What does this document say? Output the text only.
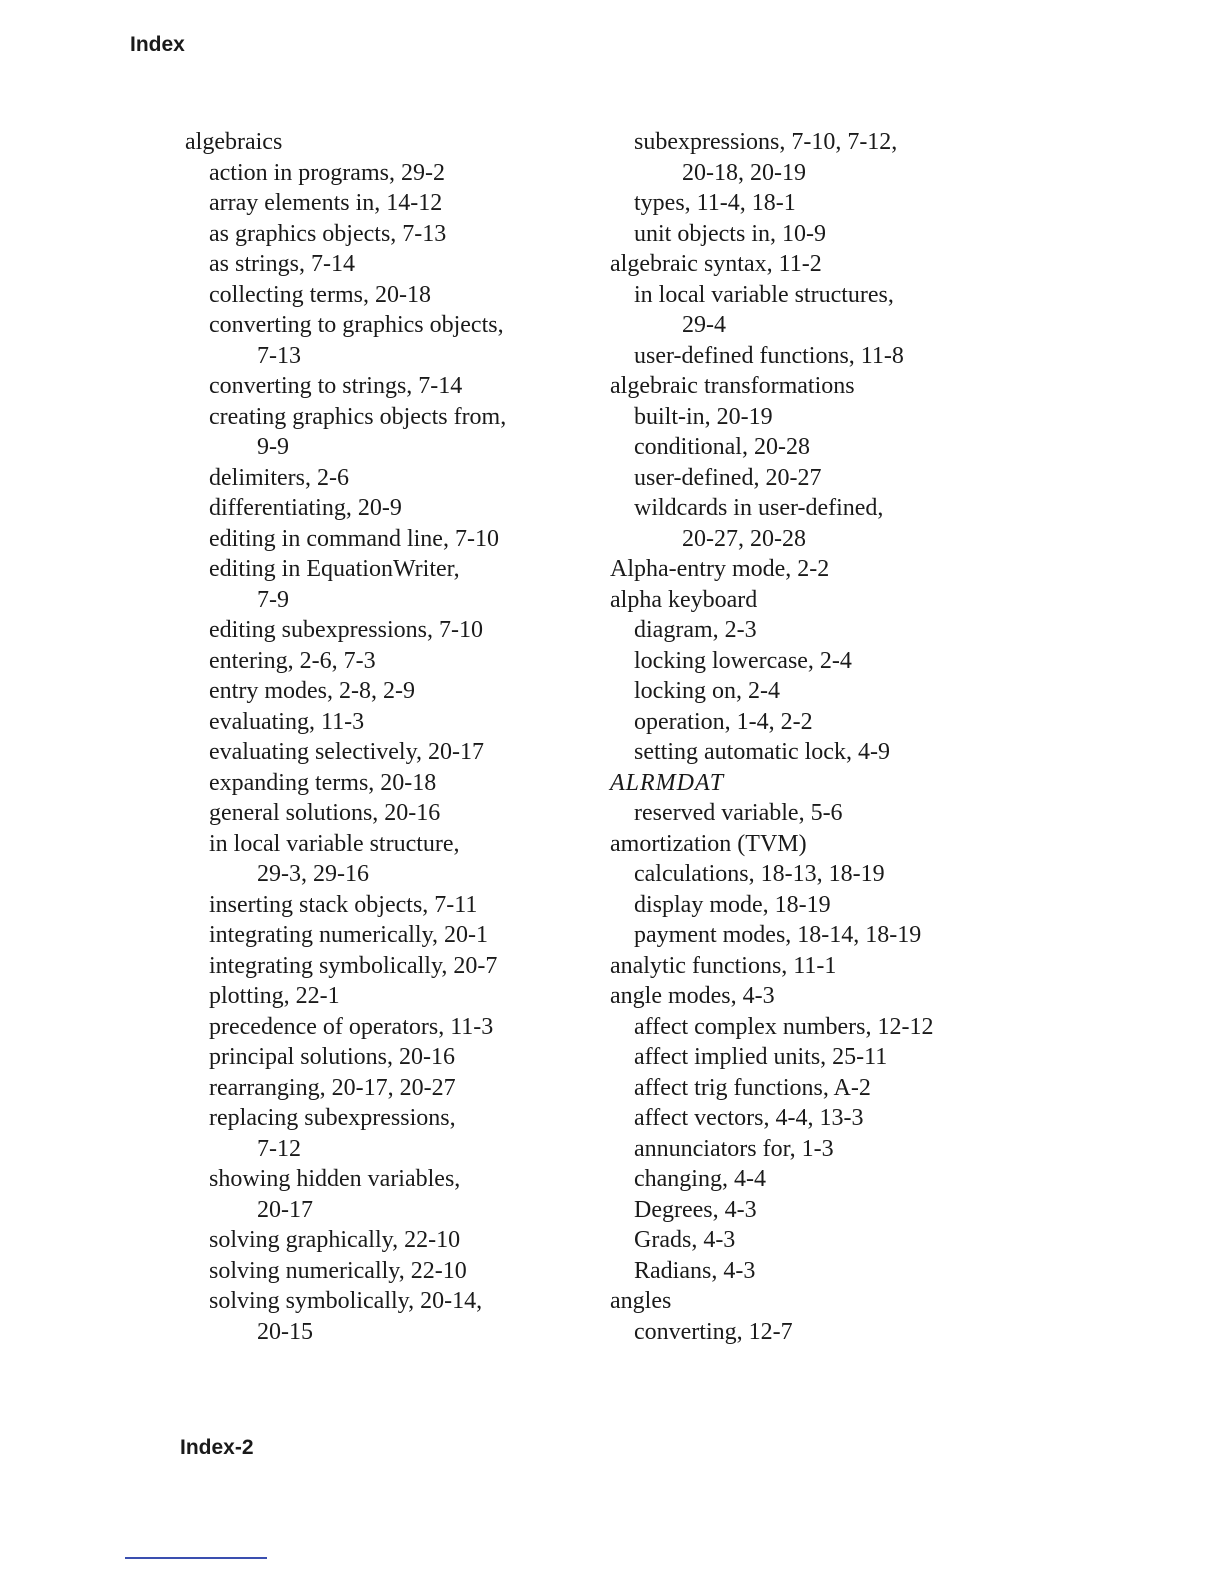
Index
algebraics
action in programs, 29-2
array elements in, 14-12
as graphics objects, 7-13
as strings, 7-14
collecting terms, 20-18
converting to graphics objects,
7-13
converting to strings, 7-14
creating graphics objects from,
9-9
delimiters, 2-6
differentiating, 20-9
editing in command line, 7-10
editing in EquationWriter,
7-9
editing subexpressions, 7-10
entering, 2-6, 7-3
entry modes, 2-8, 2-9
evaluating, 11-3
evaluating selectively, 20-17
expanding terms, 20-18
general solutions, 20-16
in local variable structure,
29-3, 29-16
inserting stack objects, 7-11
integrating numerically, 20-1
integrating symbolically, 20-7
plotting, 22-1
precedence of operators, 11-3
principal solutions, 20-16
rearranging, 20-17, 20-27
replacing subexpressions,
7-12
showing hidden variables,
20-17
solving graphically, 22-10
solving numerically, 22-10
solving symbolically, 20-14,
20-15
subexpressions, 7-10, 7-12,
20-18, 20-19
types, 11-4, 18-1
unit objects in, 10-9
algebraic syntax, 11-2
in local variable structures,
29-4
user-defined functions, 11-8
algebraic transformations
built-in, 20-19
conditional, 20-28
user-defined, 20-27
wildcards in user-defined,
20-27, 20-28
Alpha-entry mode, 2-2
alpha keyboard
diagram, 2-3
locking lowercase, 2-4
locking on, 2-4
operation, 1-4, 2-2
setting automatic lock, 4-9
ALRMDAT
reserved variable, 5-6
amortization (TVM)
calculations, 18-13, 18-19
display mode, 18-19
payment modes, 18-14, 18-19
analytic functions, 11-1
angle modes, 4-3
affect complex numbers, 12-12
affect implied units, 25-11
affect trig functions, A-2
affect vectors, 4-4, 13-3
annunciators for, 1-3
changing, 4-4
Degrees, 4-3
Grads, 4-3
Radians, 4-3
angles
converting, 12-7
Index-2
